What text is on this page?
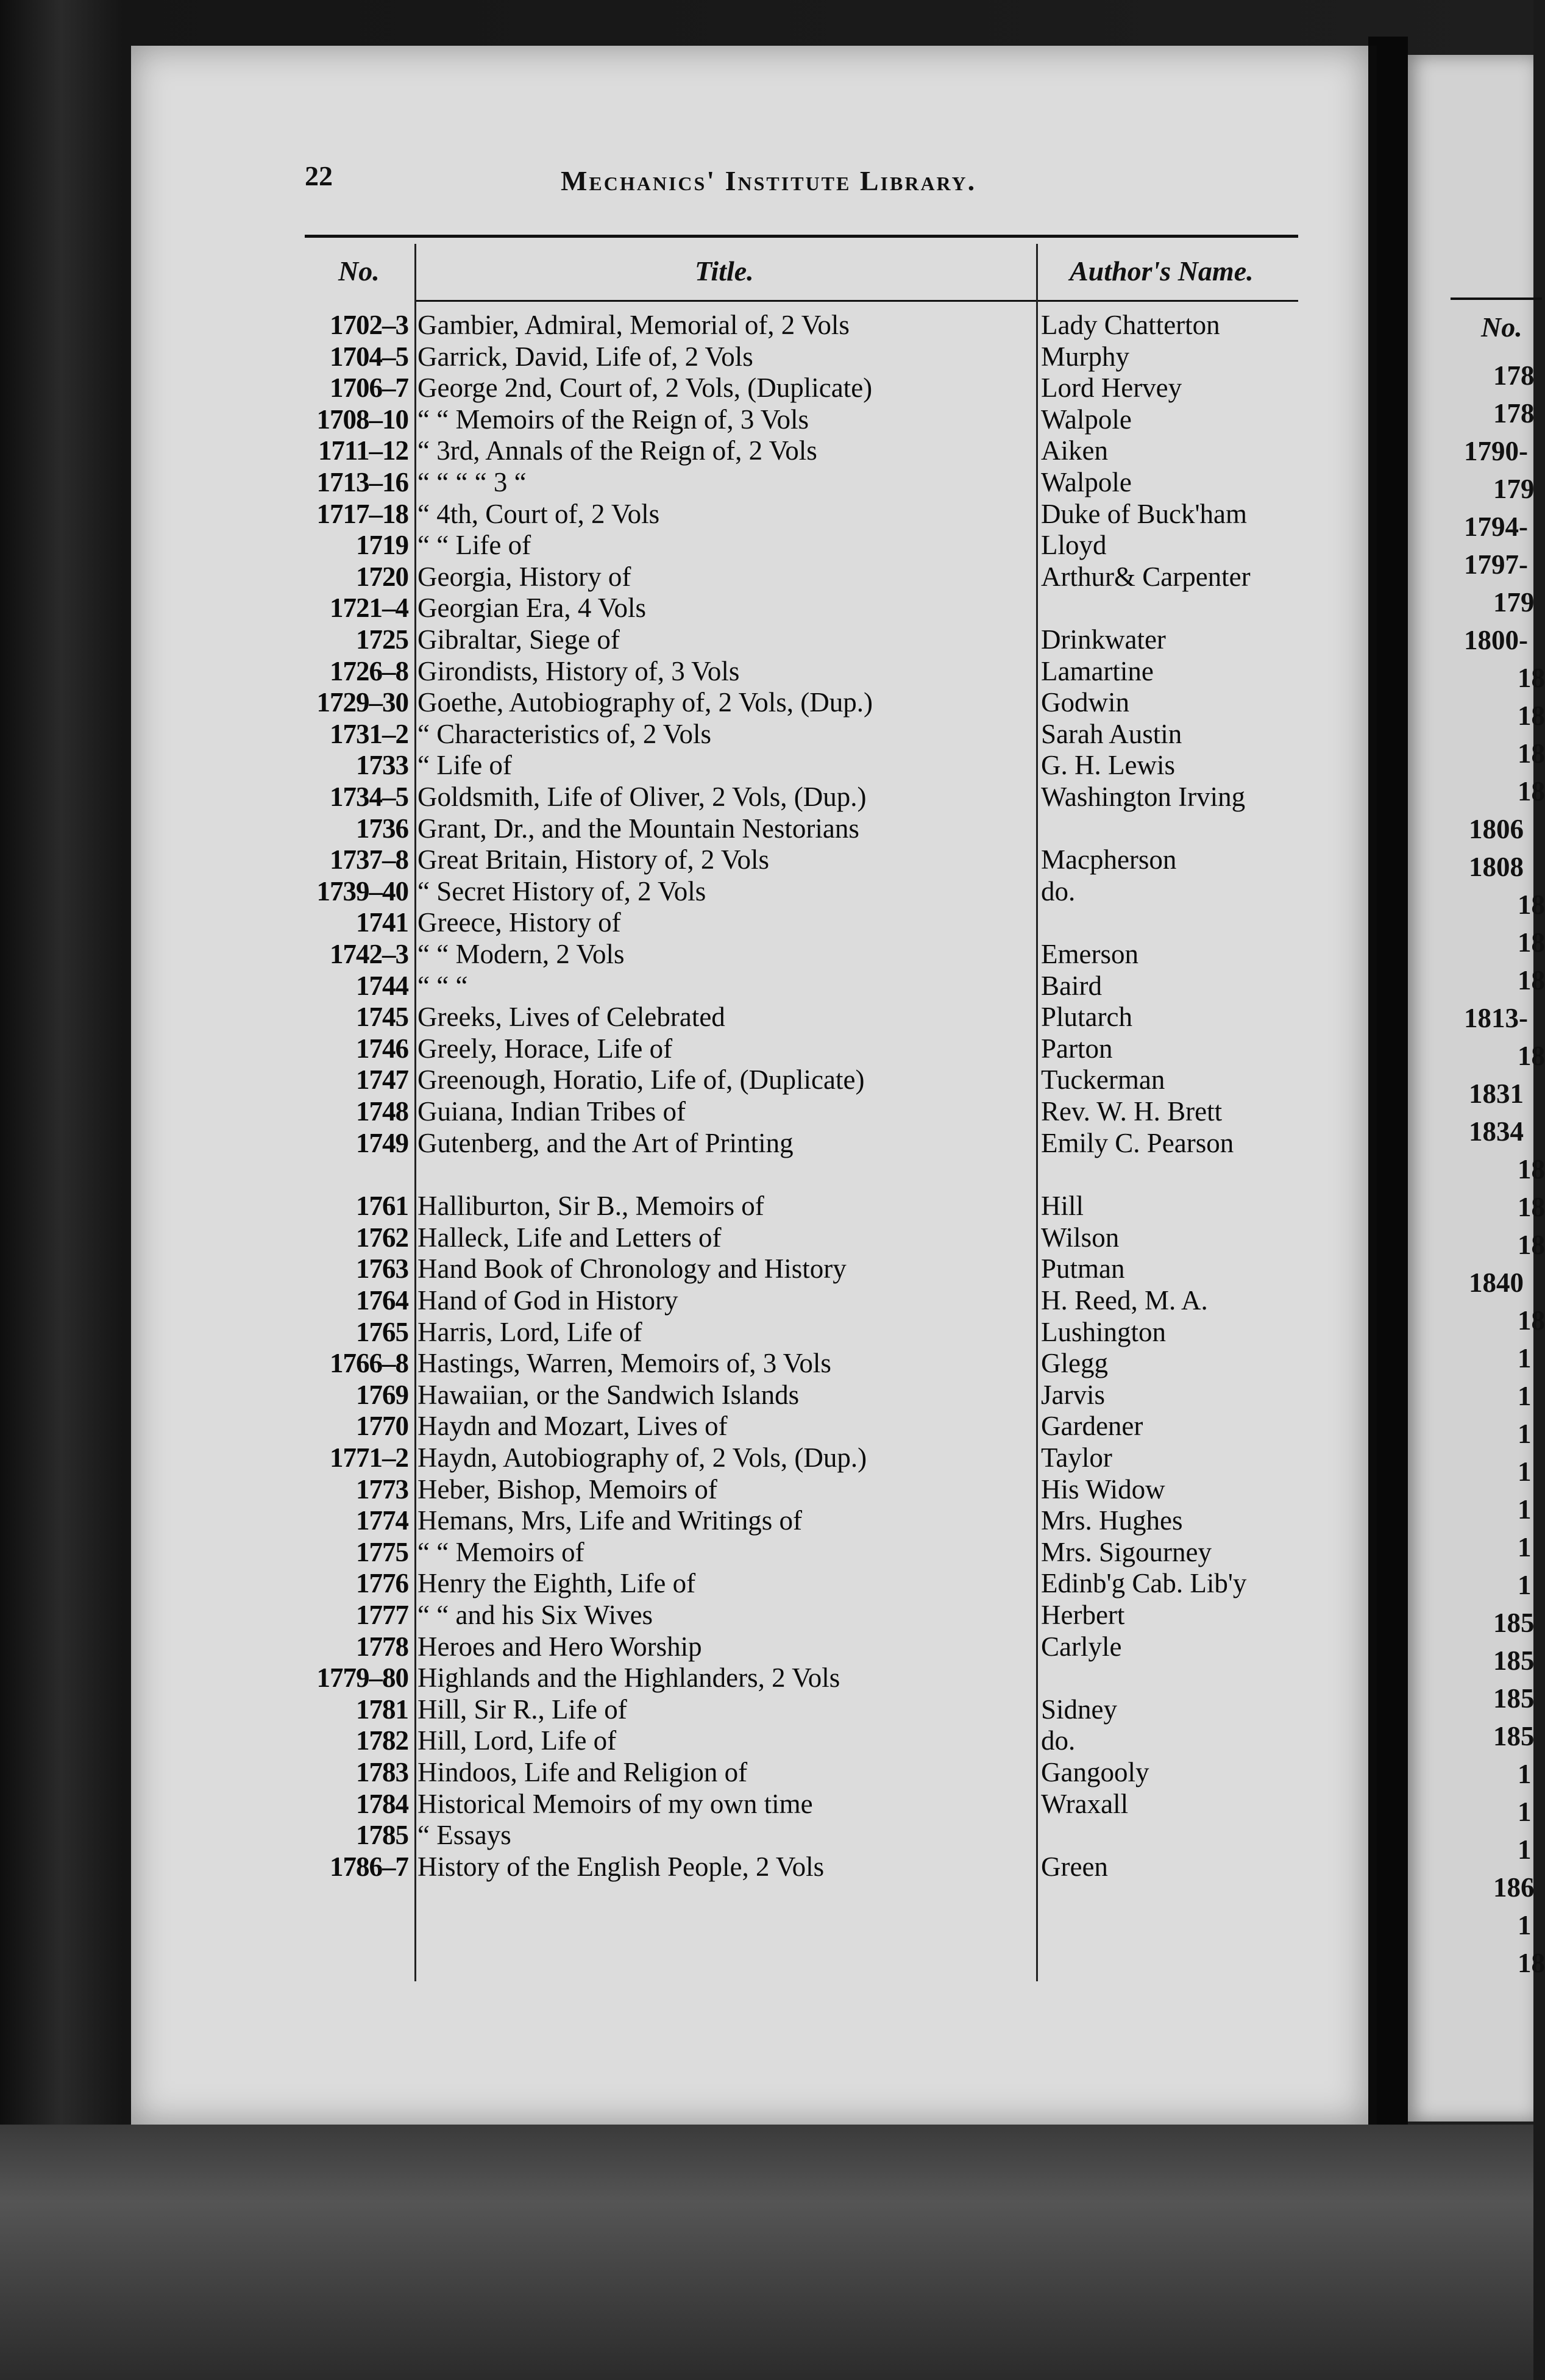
No.
178
178
1790-
179
1794-
1797-
179
1800-
18
18
18
18
1806
1808
18
18
18
1813-
18
1831
1834
18
18
18
1840
18
1
1
1
1
1
1
1
185
185
185
185
1
1
1
186
1
18
22	Mechanics' Institute Library.
No.	Title.	Author's Name.
1702–3 Gambier, Admiral, Memorial of, 2 Vols	Lady Chatterton
1704–5 Garrick, David, Life of, 2 Vols	Murphy
1706–7 George 2nd, Court of, 2 Vols, (Duplicate)	Lord Hervey
1708–10 “ “ Memoirs of the Reign of, 3 Vols	Walpole
1711–12 “ 3rd, Annals of the Reign of, 2 Vols	Aiken
1713–16 “ “ “ “ 3 “	Walpole
1717–18 “ 4th, Court of, 2 Vols	Duke of Buck'ham
1719 “ “ Life of	Lloyd
1720 Georgia, History of	Arthur& Carpenter
1721–4 Georgian Era, 4 Vols
1725 Gibraltar, Siege of	Drinkwater
1726–8 Girondists, History of, 3 Vols	Lamartine
1729–30 Goethe, Autobiography of, 2 Vols, (Dup.)	Godwin
1731–2 “ Characteristics of, 2 Vols	Sarah Austin
1733 “ Life of	G. H. Lewis
1734–5 Goldsmith, Life of Oliver, 2 Vols, (Dup.)	Washington Irving
1736 Grant, Dr., and the Mountain Nestorians
1737–8 Great Britain, History of, 2 Vols	Macpherson
1739–40 “ Secret History of, 2 Vols	do.
1741 Greece, History of
1742–3 “ “ Modern, 2 Vols	Emerson
1744 “ “ “	Baird
1745 Greeks, Lives of Celebrated	Plutarch
1746 Greely, Horace, Life of	Parton
1747 Greenough, Horatio, Life of, (Duplicate)	Tuckerman
1748 Guiana, Indian Tribes of	Rev. W. H. Brett
1749 Gutenberg, and the Art of Printing	Emily C. Pearson
1761 Halliburton, Sir B., Memoirs of	Hill
1762 Halleck, Life and Letters of	Wilson
1763 Hand Book of Chronology and History	Putman
1764 Hand of God in History	H. Reed, M. A.
1765 Harris, Lord, Life of	Lushington
1766–8 Hastings, Warren, Memoirs of, 3 Vols	Glegg
1769 Hawaiian, or the Sandwich Islands	Jarvis
1770 Haydn and Mozart, Lives of	Gardener
1771–2 Haydn, Autobiography of, 2 Vols, (Dup.)	Taylor
1773 Heber, Bishop, Memoirs of	His Widow
1774 Hemans, Mrs, Life and Writings of	Mrs. Hughes
1775 “ “ Memoirs of	Mrs. Sigourney
1776 Henry the Eighth, Life of	Edinb'g Cab. Lib'y
1777 “ “ and his Six Wives	Herbert
1778 Heroes and Hero Worship	Carlyle
1779–80 Highlands and the Highlanders, 2 Vols
1781 Hill, Sir R., Life of	Sidney
1782 Hill, Lord, Life of	do.
1783 Hindoos, Life and Religion of	Gangooly
1784 Historical Memoirs of my own time	Wraxall
1785 “ Essays
1786–7 History of the English People, 2 Vols	Green
